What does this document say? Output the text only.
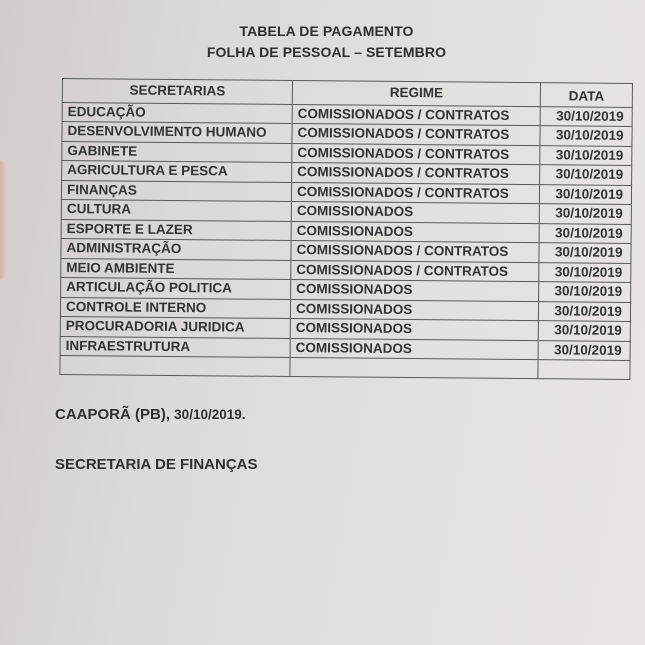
TABELA DE PAGAMENTO
FOLHA DE PESSOAL – SETEMBRO
SECRETARIAS	REGIME	DATA
EDUCAÇÃO	COMISSIONADOS / CONTRATOS	30/10/2019
DESENVOLVIMENTO HUMANO	COMISSIONADOS / CONTRATOS	30/10/2019
GABINETE	COMISSIONADOS / CONTRATOS	30/10/2019
AGRICULTURA E PESCA	COMISSIONADOS / CONTRATOS	30/10/2019
FINANÇAS	COMISSIONADOS / CONTRATOS	30/10/2019
CULTURA	COMISSIONADOS	30/10/2019
ESPORTE E LAZER	COMISSIONADOS	30/10/2019
ADMINISTRAÇÃO	COMISSIONADOS / CONTRATOS	30/10/2019
MEIO AMBIENTE	COMISSIONADOS / CONTRATOS	30/10/2019
ARTICULAÇÃO POLITICA	COMISSIONADOS	30/10/2019
CONTROLE INTERNO	COMISSIONADOS	30/10/2019
PROCURADORIA JURIDICA	COMISSIONADOS	30/10/2019
INFRAESTRUTURA	COMISSIONADOS	30/10/2019

CAAPORÃ (PB), 30/10/2019.
SECRETARIA DE FINANÇAS
